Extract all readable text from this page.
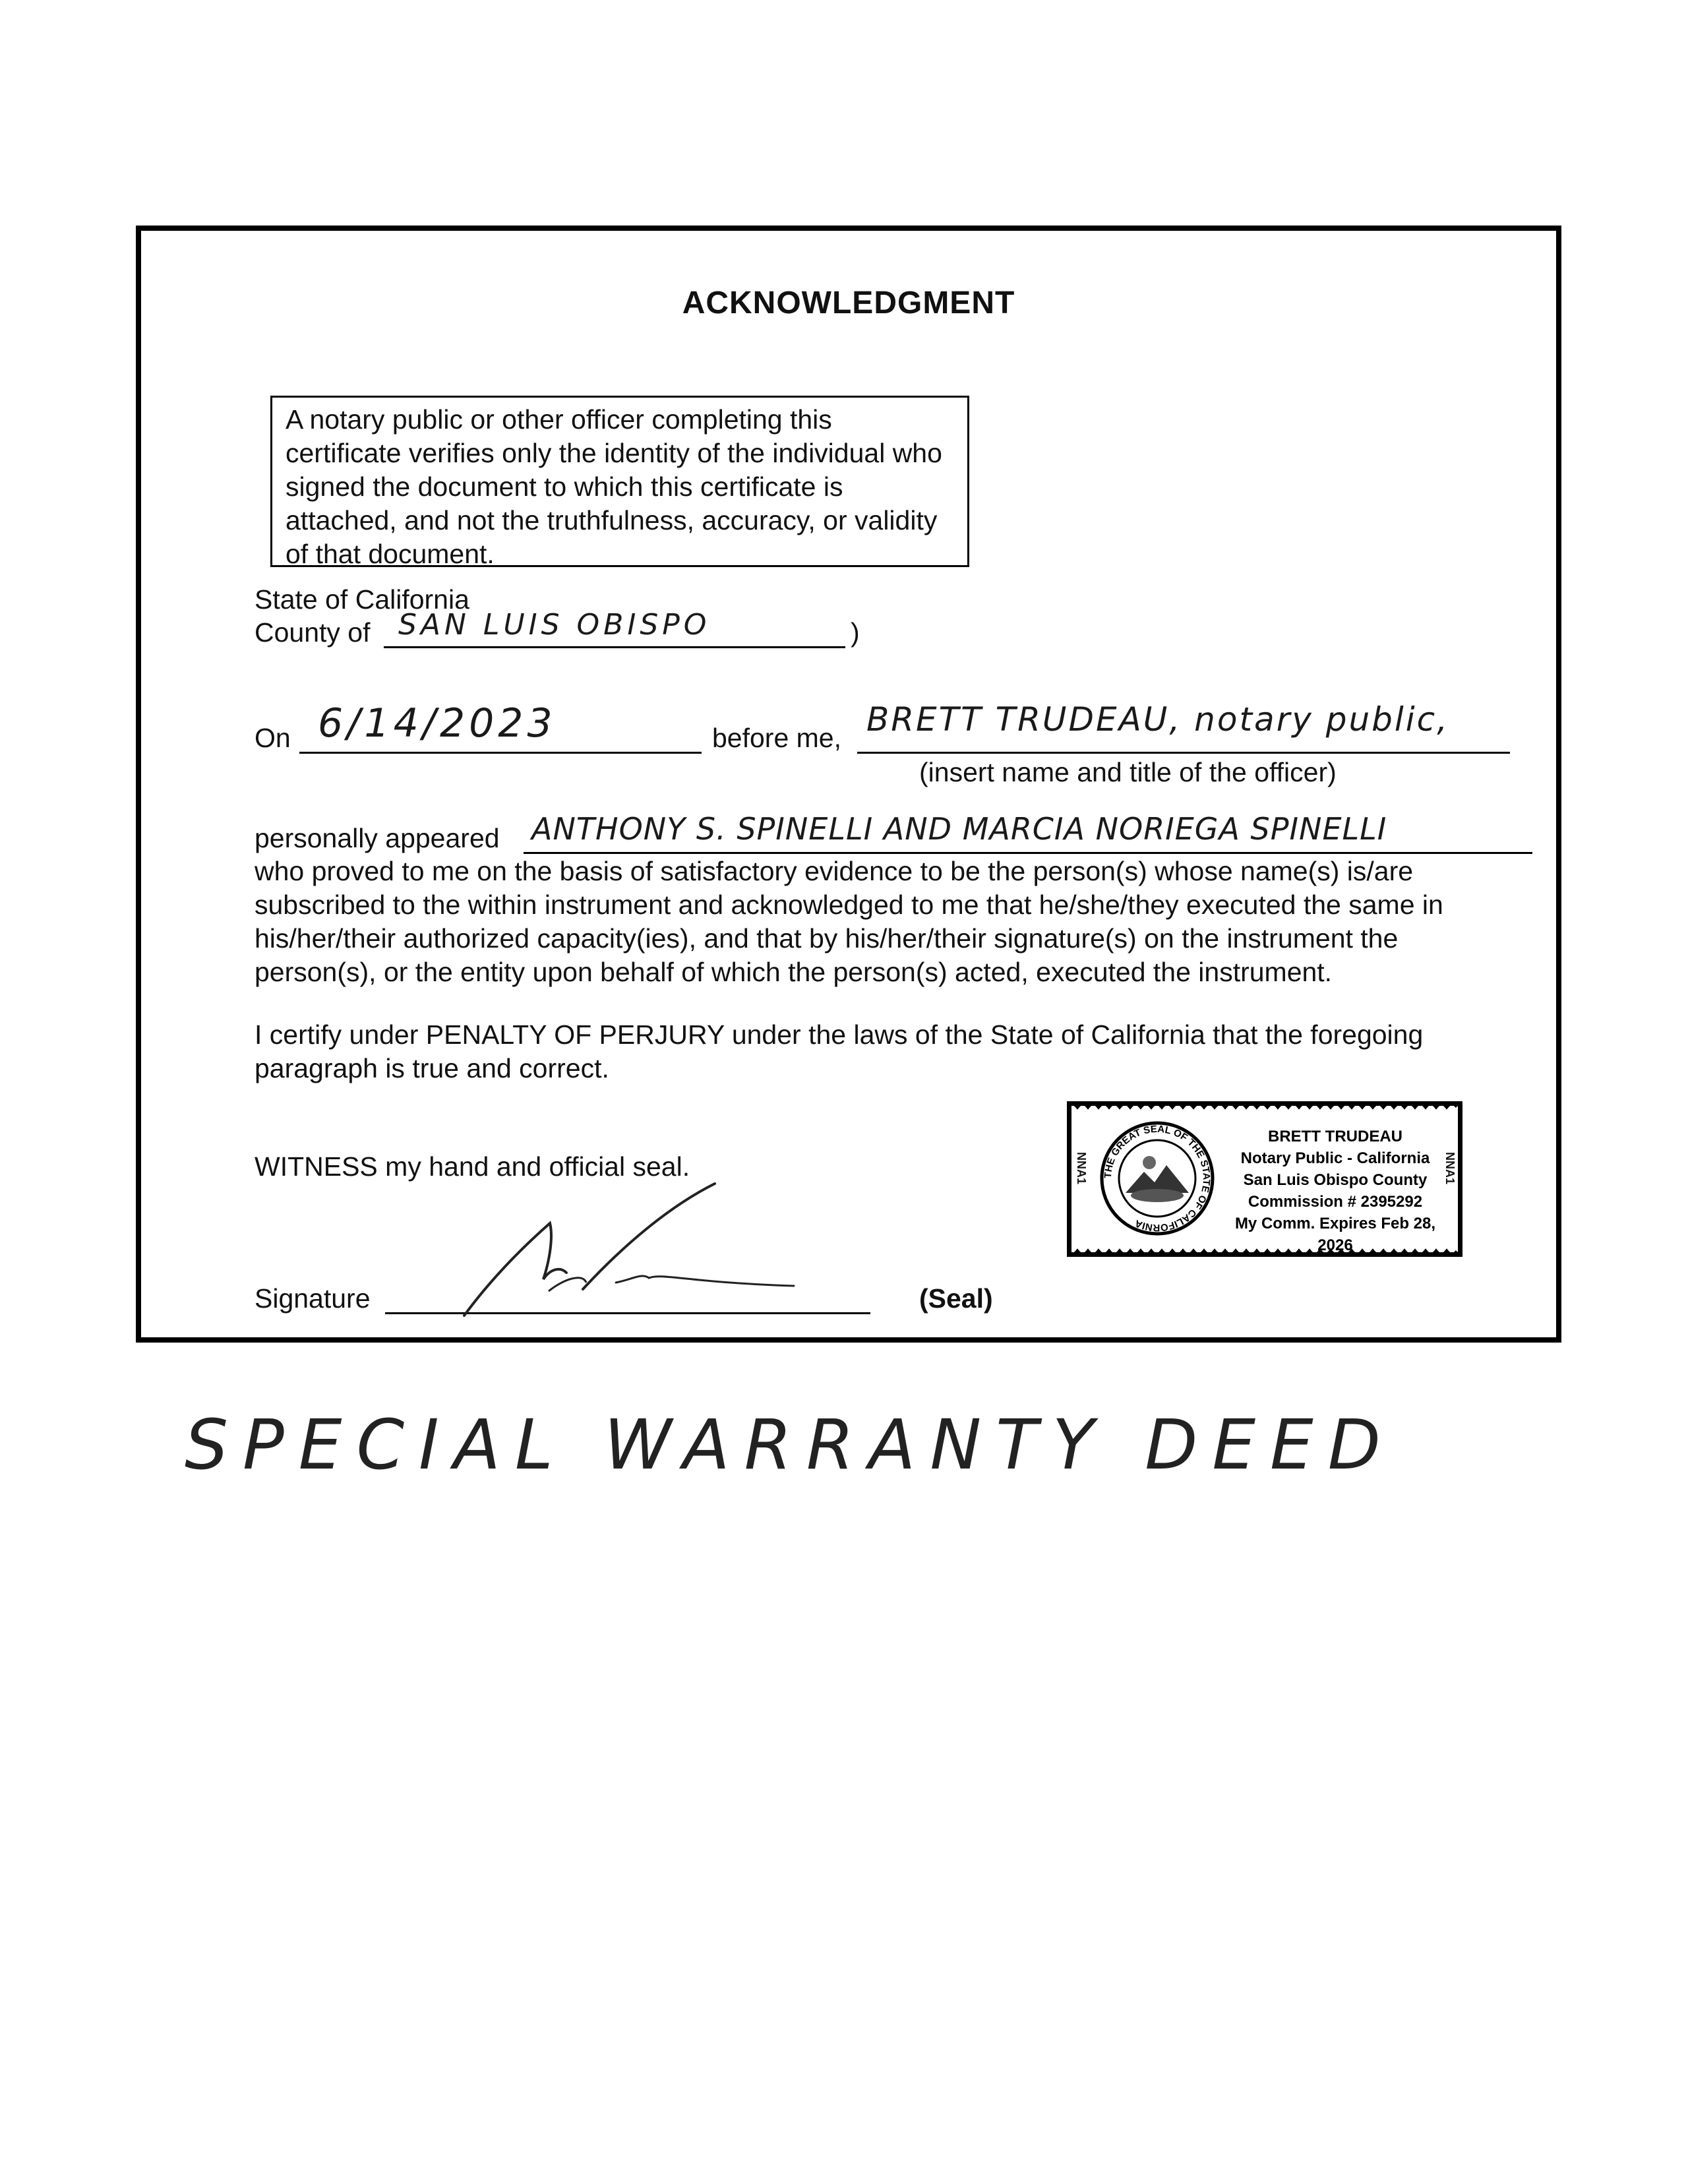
ACKNOWLEDGMENT
A notary public or other officer completing this certificate verifies only the identity of the individual who signed the document to which this certificate is attached, and not the truthfulness, accuracy, or validity of that document.
State of California
County of SAN LUIS OBISPO	)
On 6/14/2023	before me, BRETT TRUDEAU, notary public,
(insert name and title of the officer)
personally appeared ANTHONY S. SPINELLI AND MARCIA NORIEGA SPINELLI
who proved to me on the basis of satisfactory evidence to be the person(s) whose name(s) is/are subscribed to the within instrument and acknowledged to me that he/she/they executed the same in his/her/their authorized capacity(ies), and that by his/her/their signature(s) on the instrument the person(s), or the entity upon behalf of which the person(s) acted, executed the instrument.
I certify under PENALTY OF PERJURY under the laws of the State of California that the foregoing paragraph is true and correct.
WITNESS my hand and official seal.
Signature	(Seal)
THE GREAT SEAL OF THE STATE OF CALIFORNIA
NNA1	NNA1
BRETT TRUDEAU
Notary Public - California
San Luis Obispo County
Commission # 2395292
My Comm. Expires Feb 28, 2026
SPECIAL WARRANTY DEED
